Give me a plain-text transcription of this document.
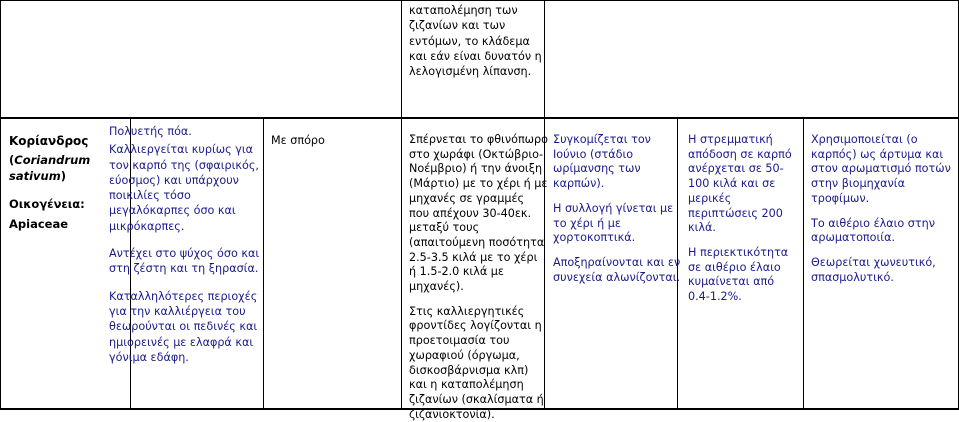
καταπολέμηση των
ζιζανίων και των
εντόμων, το κλάδεμα
και εάν είναι δυνατόν η
λελογισμένη λίπανση.
Κορίανδρος
(Coriandrum
sativum)
Οικογένεια:
Apiaceae
Πολυετής πόα.
Καλλιεργείται κυρίως για
τον καρπό της (σφαιρικός,
εύοσμος) και υπάρχουν
ποικιλίες τόσο
μεγαλόκαρπες όσο και
μικρόκαρπες.
Αντέχει στο ψύχος όσο και
στη ζέστη και τη ξηρασία.
Καταλληλότερες περιοχές
για την καλλιέργεια του
θεωρούνται οι πεδινές και
ημιορεινές με ελαφρά και
γόνιμα εδάφη.
Με σπόρο	Σπέρνεται το φθινόπωρο
στο χωράφι (Οκτώβριο-
Νοέμβριο) ή την άνοιξη
(Μάρτιο) με το χέρι ή με
μηχανές σε γραμμές
που απέχουν 30-40εκ.
μεταξύ τους
(απαιτούμενη ποσότητα
2.5-3.5 κιλά με το χέρι
ή 1.5-2.0 κιλά με
μηχανές).
Στις καλλιεργητικές
φροντίδες λογίζονται η
προετοιμασία του
χωραφιού (όργωμα,
δισκοσβάρνισμα κλπ)
και η καταπολέμηση
ζιζανίων (σκαλίσματα ή
ζιζανιοκτονία).
Συγκομίζεται τον
Ιούνιο (στάδιο
ωρίμανσης των
καρπών).
Η συλλογή γίνεται με
το χέρι ή με
χορτοκοπτικά.
Αποξηραίνονται και εν
συνεχεία αλωνίζονται.
Η στρεμματική
απόδοση σε καρπό
ανέρχεται σε 50-
100 κιλά και σε
μερικές
περιπτώσεις 200
κιλά.
Η περιεκτικότητα
σε αιθέριο έλαιο
κυμαίνεται από
0.4-1.2%.
Χρησιμοποιείται (ο
καρπός) ως άρτυμα και
στον αρωματισμό ποτών
στην βιομηχανία
τροφίμων.
Το αιθέριο έλαιο στην
αρωματοποιία.
Θεωρείται χωνευτικό,
σπασμολυτικό.
